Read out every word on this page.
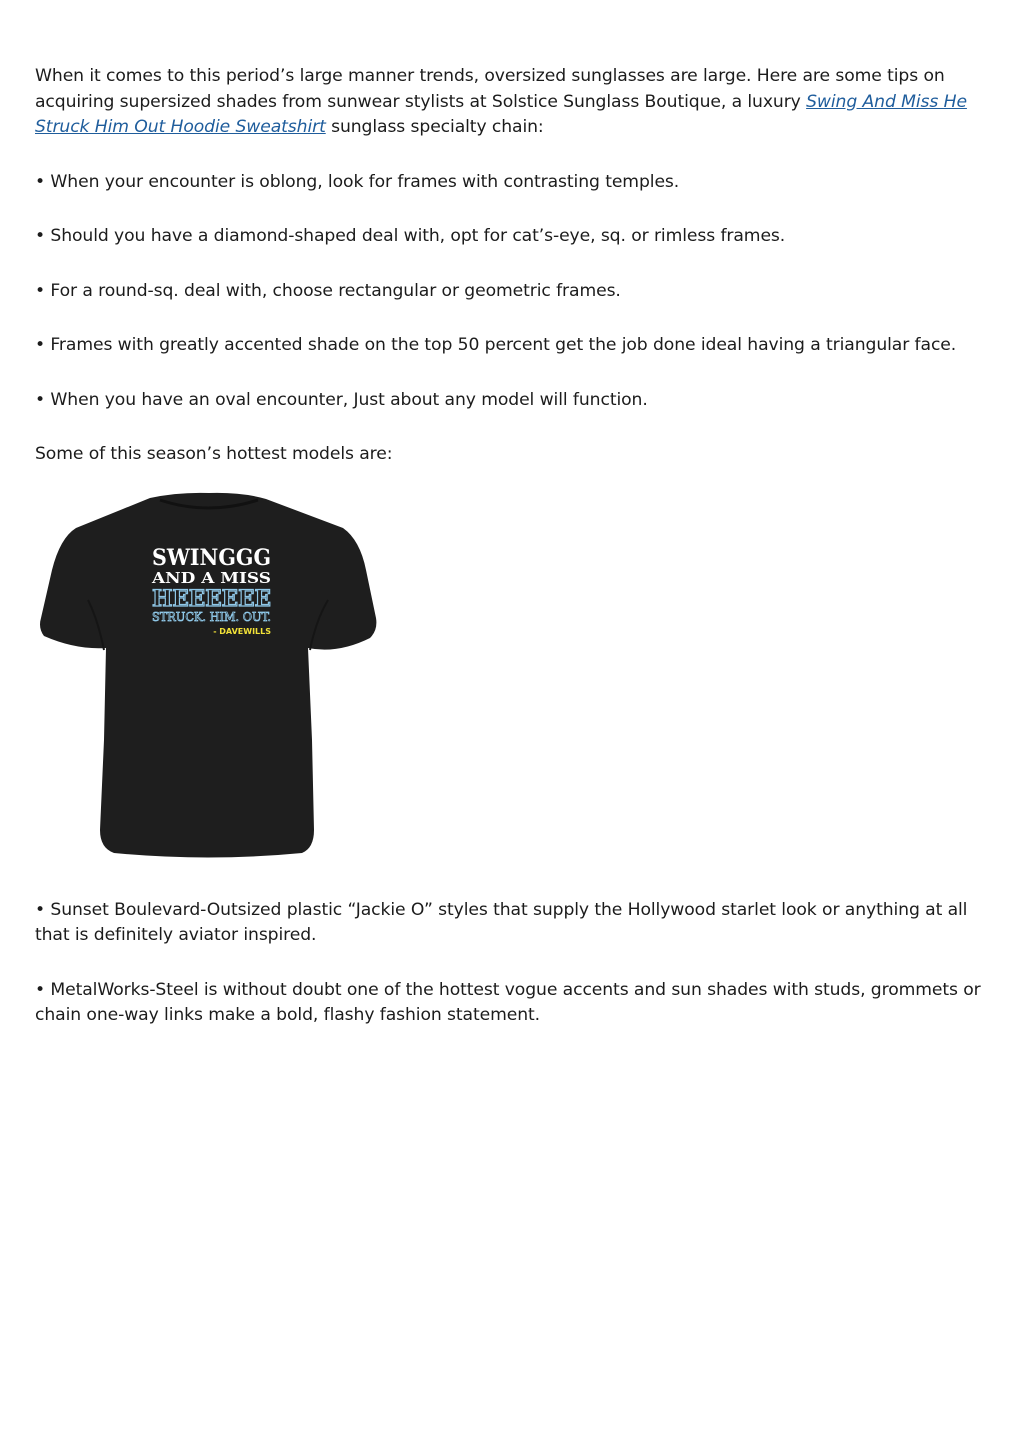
When it comes to this period’s large manner trends, oversized sunglasses are large. Here are some tips on acquiring supersized shades from sunwear stylists at Solstice Sunglass Boutique, a luxury Swing And Miss He Struck Him Out Hoodie Sweatshirt sunglass specialty chain:

• When your encounter is oblong, look for frames with contrasting temples.

• Should you have a diamond-shaped deal with, opt for cat’s-eye, sq. or rimless frames.

• For a round-sq. deal with, choose rectangular or geometric frames.

• Frames with greatly accented shade on the top 50 percent get the job done ideal having a triangular face.

• When you have an oval encounter, Just about any model will function.

Some of this season’s hottest models are:

SWINGGG
AND A MISS
HEEEEEE
STRUCK. HIM. OUT.
- DAVEWILLS

• Sunset Boulevard-Outsized plastic “Jackie O” styles that supply the Hollywood starlet look or anything at all that is definitely aviator inspired.

• MetalWorks-Steel is without doubt one of the hottest vogue accents and sun shades with studs, grommets or chain one-way links make a bold, flashy fashion statement.
